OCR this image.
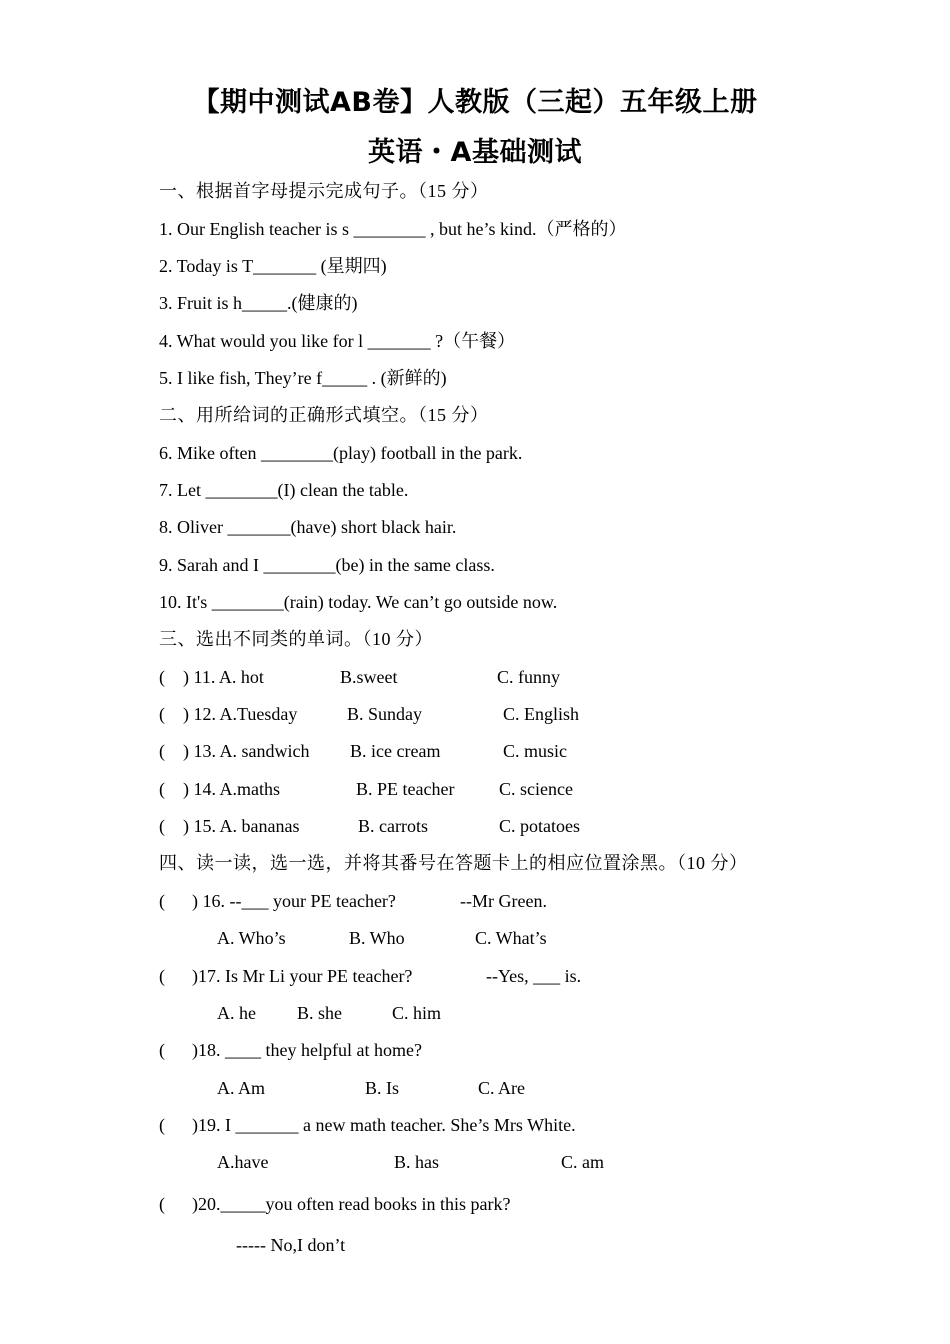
【期中测试AB卷】人教版（三起）五年级上册
英语・A基础测试
一、根据首字母提示完成句子。（15 分）
1. Our English teacher is s ________ , but he’s kind.（严格的）
2. Today is T_______ (星期四)
3. Fruit is h_____.(健康的)
4. What would you like for l _______ ?（午餐）
5. I like fish, They’re f_____ . (新鲜的)
二、用所给词的正确形式填空。（15 分）
6. Mike often ________(play) football in the park.
7. Let ________(I) clean the table.
8. Oliver _______(have) short black hair.
9. Sarah and I ________(be) in the same class.
10. It's ________(rain) today. We can’t go outside now.
三、选出不同类的单词。（10 分）
(    ) 11. A. hot	B.sweet	C. funny
(    ) 12. A.Tuesday	B. Sunday	C. English
(    ) 13. A. sandwich B. ice cream	C. music
(    ) 14. A.maths	B. PE teacher C. science
(    ) 15. A. bananas	B. carrots	C. potatoes
四、读一读，选一选，并将其番号在答题卡上的相应位置涂黑。（10 分）
(      ) 16. --___ your PE teacher?	--Mr Green.
A. Who’s	B. Who	C. What’s
(      )17. Is Mr Li your PE teacher?	--Yes, ___ is.
A. he B. she	C. him
(      )18. ____ they helpful at home?
A. Am	B. Is	C. Are
(      )19. I _______ a new math teacher. She’s Mrs White.
A.have	B. has	C. am
(      )20._____you often read books in this park?
----- No,I don’t
